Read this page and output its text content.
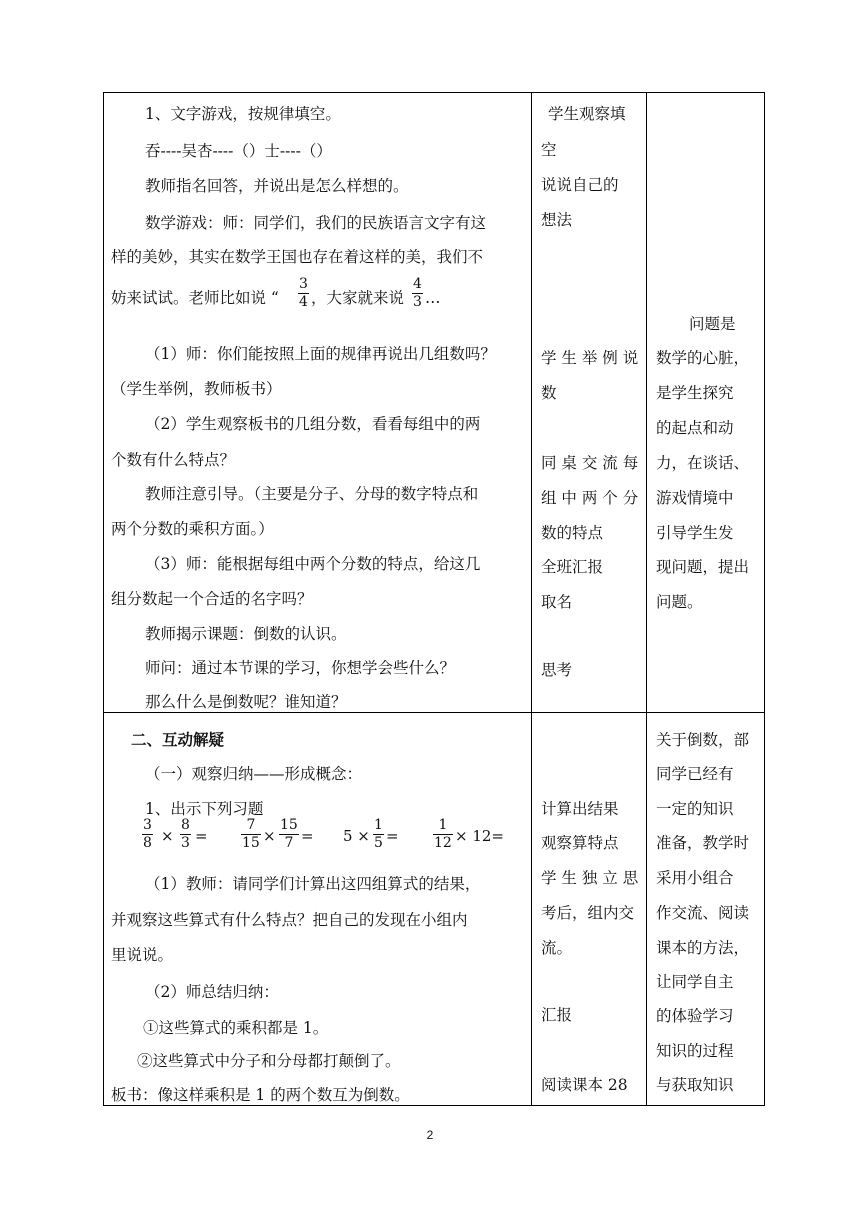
1、文字游戏，按规律填空。
吞----吴杏----（）士----（）
教师指名回答，并说出是怎么样想的。
数学游戏：师：同学们，我们的民族语言文字有这
样的美妙，其实在数学王国也存在着这样的美，我们不
妨来试试。老师比如说 “
3
4 ，大家就来说
4
3 …
（1）师：你们能按照上面的规律再说出几组数吗？
（学生举例，教师板书）
（2）学生观察板书的几组分数，看看每组中的两
个数有什么特点？
教师注意引导。（主要是分子、分母的数字特点和
两个分数的乘积方面。）
（3）师：能根据每组中两个分数的特点，给这几
组分数起一个合适的名字吗？
教师揭示课题：倒数的认识。
师问：通过本节课的学习，你想学会些什么？
那么什么是倒数呢？谁知道？
学生观察填
空
说说自己的
想法
学 生 举 例 说
数
同 桌 交 流 每
组 中 两 个 分
数的特点
全班汇报
取名
思考
问题是
数学的心脏，
是学生探究
的起点和动
力，在谈话、
游戏情境中
引导学生发
现问题，提出
问题。
二、互动解疑
（一）观察归纳——形成概念：
1、出示下列习题
3
8 ×
8
3 =
7
15 ×
15
7 = 5 ×
1
5 =
1
12 × 12=
（1）教师：请同学们计算出这四组算式的结果，
并观察这些算式有什么特点？把自己的发现在小组内
里说说。
（2）师总结归纳：
①这些算式的乘积都是 1。
②这些算式中分子和分母都打颠倒了。
板书：像这样乘积是 1 的两个数互为倒数。
计算出结果
观察算特点
学 生 独 立 思
考后，组内交
流。
汇报
阅读课本 28
关于倒数，部
同学已经有
一定的知识
准备，教学时
采用小组合
作交流、阅读
课本的方法，
让同学自主
的体验学习
知识的过程
与获取知识
2
